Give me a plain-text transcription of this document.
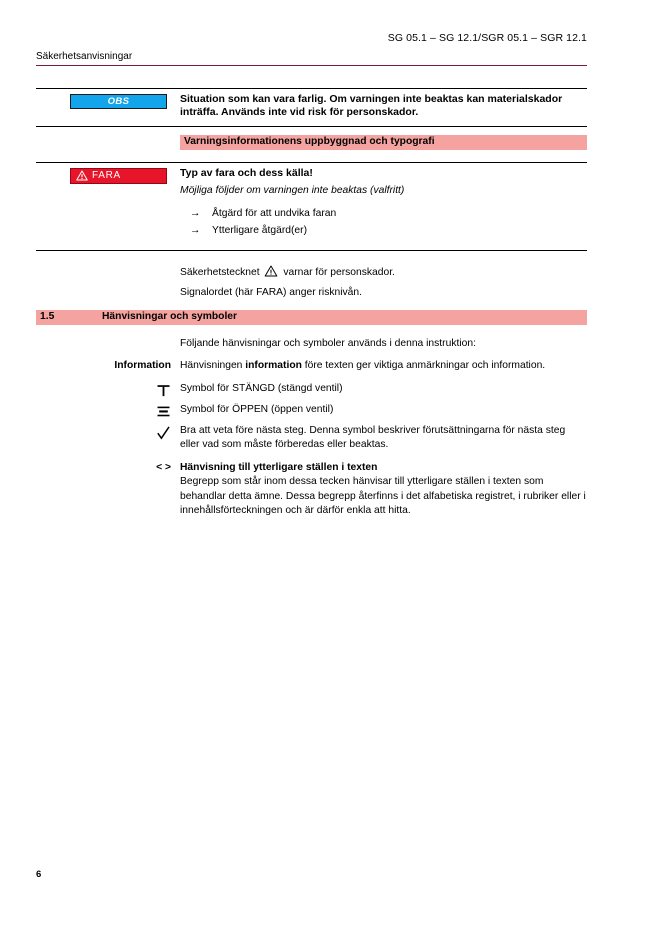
SG 05.1 – SG 12.1/SGR 05.1 – SGR 12.1
Säkerhetsanvisningar
OBS	Situation som kan vara farlig. Om varningen inte beaktas kan materialskador inträffa. Används inte vid risk för personskador.

Varningsinformationens uppbyggnad och typografi
FARA	Typ av fara och dess källa!

Möjliga följder om varningen inte beaktas (valfritt)

→	Åtgärd för att undvika faran
→	Ytterligare åtgärd(er)
Säkerhetstecknet varnar för personskador.
Signalordet (här FARA) anger risknivån.
1.5	Hänvisningar och symboler
Följande hänvisningar och symboler används i denna instruktion:
Information Hänvisningen information före texten ger viktiga anmärkningar och information.
Symbol för STÄNGD (stängd ventil)
Symbol för ÖPPEN (öppen ventil)
Bra att veta före nästa steg. Denna symbol beskriver förutsättningarna för nästa steg eller vad som måste förberedas eller beaktas.
< > Hänvisning till ytterligare ställen i texten
Begrepp som står inom dessa tecken hänvisar till ytterligare ställen i texten som behandlar detta ämne. Dessa begrepp återfinns i det alfabetiska registret, i rubriker eller i innehållsförteckningen och är därför enkla att hitta.
6
